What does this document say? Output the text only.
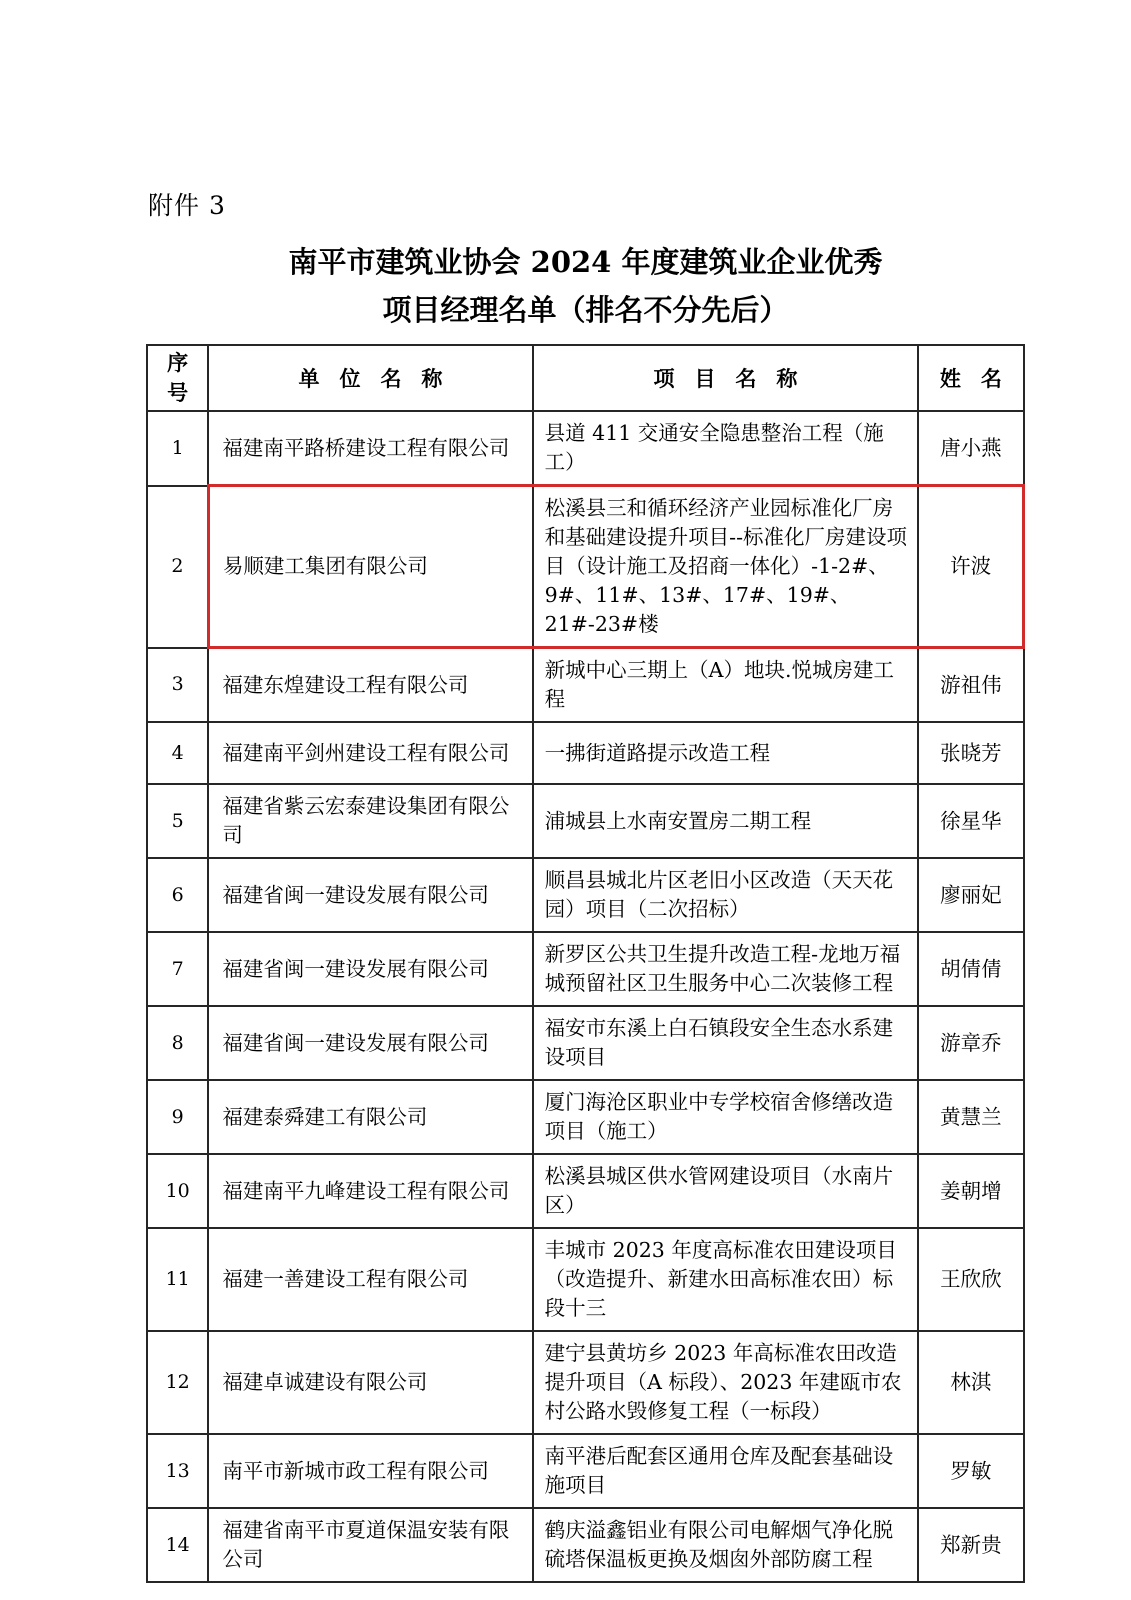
附件 3
南平市建筑业协会 2024 年度建筑业企业优秀
项目经理名单（排名不分先后）
序号	单位名称	项目名称	姓名
1	福建南平路桥建设工程有限公司	县道 411 交通安全隐患整治工程（施工）	唐小燕
2	易顺建工集团有限公司	松溪县三和循环经济产业园标准化厂房和基础建设提升项目--标准化厂房建设项目（设计施工及招商一体化）-1-2#、9#、11#、13#、17#、19#、21#-23#楼	许波
3	福建东煌建设工程有限公司	新城中心三期上（A）地块.悦城房建工程	游祖伟
4	福建南平剑州建设工程有限公司	一拂街道路提示改造工程	张晓芳
5	福建省紫云宏泰建设集团有限公司	浦城县上水南安置房二期工程	徐星华
6	福建省闽一建设发展有限公司	顺昌县城北片区老旧小区改造（天天花园）项目（二次招标）	廖丽妃
7	福建省闽一建设发展有限公司	新罗区公共卫生提升改造工程-龙地万福城预留社区卫生服务中心二次装修工程	胡倩倩
8	福建省闽一建设发展有限公司	福安市东溪上白石镇段安全生态水系建设项目	游章乔
9	福建泰舜建工有限公司	厦门海沧区职业中专学校宿舍修缮改造项目（施工）	黄慧兰
10	福建南平九峰建设工程有限公司	松溪县城区供水管网建设项目（水南片区）	姜朝增
11	福建一善建设工程有限公司	丰城市 2023 年度高标准农田建设项目（改造提升、新建水田高标准农田）标段十三	王欣欣
12	福建卓诚建设有限公司	建宁县黄坊乡 2023 年高标准农田改造提升项目（A 标段）、2023 年建瓯市农村公路水毁修复工程（一标段）	林淇
13	南平市新城市政工程有限公司	南平港后配套区通用仓库及配套基础设施项目	罗敏
14	福建省南平市夏道保温安装有限公司	鹤庆溢鑫铝业有限公司电解烟气净化脱硫塔保温板更换及烟囱外部防腐工程	郑新贵
